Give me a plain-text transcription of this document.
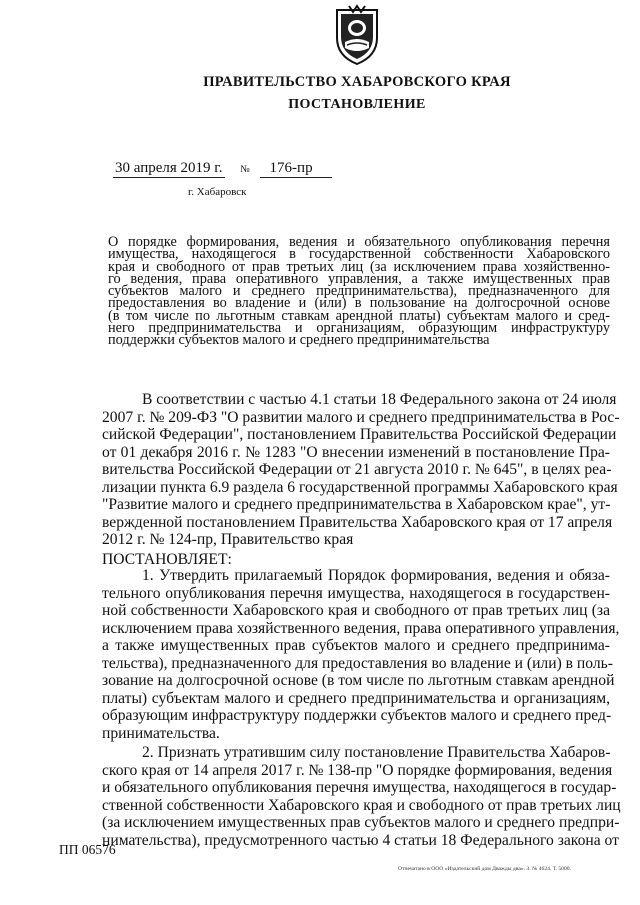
ПРАВИТЕЛЬСТВО ХАБАРОВСКОГО КРАЯ
ПОСТАНОВЛЕНИЕ
30 апреля 2019 г. № 176-пр
г. Хабаровск
О порядке формирования, ведения и обязательного опубликования перечня
имущества, находящегося в государственной собственности Хабаровского
края и свободного от прав третьих лиц (за исключением права хозяйственно-
го ведения, права оперативного управления, а также имущественных прав
субъектов малого и среднего предпринимательства), предназначенного для
предоставления во владение и (или) в пользование на долгосрочной основе
(в том числе по льготным ставкам арендной платы) субъектам малого и сред-
него предпринимательства и организациям, образующим инфраструктуру
поддержки субъектов малого и среднего предпринимательства
В соответствии с частью 4.1 статьи 18 Федерального закона от 24 июля
2007 г. № 209-ФЗ "О развитии малого и среднего предпринимательства в Рос-
сийской Федерации", постановлением Правительства Российской Федерации
от 01 декабря 2016 г. № 1283 "О внесении изменений в постановление Пра-
вительства Российской Федерации от 21 августа 2010 г. № 645", в целях реа-
лизации пункта 6.9 раздела 6 государственной программы Хабаровского края
"Развитие малого и среднего предпринимательства в Хабаровском крае", ут-
вержденной постановлением Правительства Хабаровского края от 17 апреля
2012 г. № 124-пр, Правительство края
ПОСТАНОВЛЯЕТ:
1. Утвердить прилагаемый Порядок формирования, ведения и обяза-
тельного опубликования перечня имущества, находящегося в государствен-
ной собственности Хабаровского края и свободного от прав третьих лиц (за
исключением права хозяйственного ведения, права оперативного управления,
а также имущественных прав субъектов малого и среднего предпринима-
тельства), предназначенного для предоставления во владение и (или) в поль-
зование на долгосрочной основе (в том числе по льготным ставкам арендной
платы) субъектам малого и среднего предпринимательства и организациям,
образующим инфраструктуру поддержки субъектов малого и среднего пред-
принимательства.
2. Признать утратившим силу постановление Правительства Хабаров-
ского края от 14 апреля 2017 г. № 138-пр "О порядке формирования, ведения
и обязательного опубликования перечня имущества, находящегося в государ-
ственной собственности Хабаровского края и свободного от прав третьих лиц
(за исключением имущественных прав субъектов малого и среднего предпри-
нимательства), предусмотренного частью 4 статьи 18 Федерального закона от
ПП 06576
Отпечатано в ООО «Издательский дом Дважды два». З. № 4624. Т. 5000.
